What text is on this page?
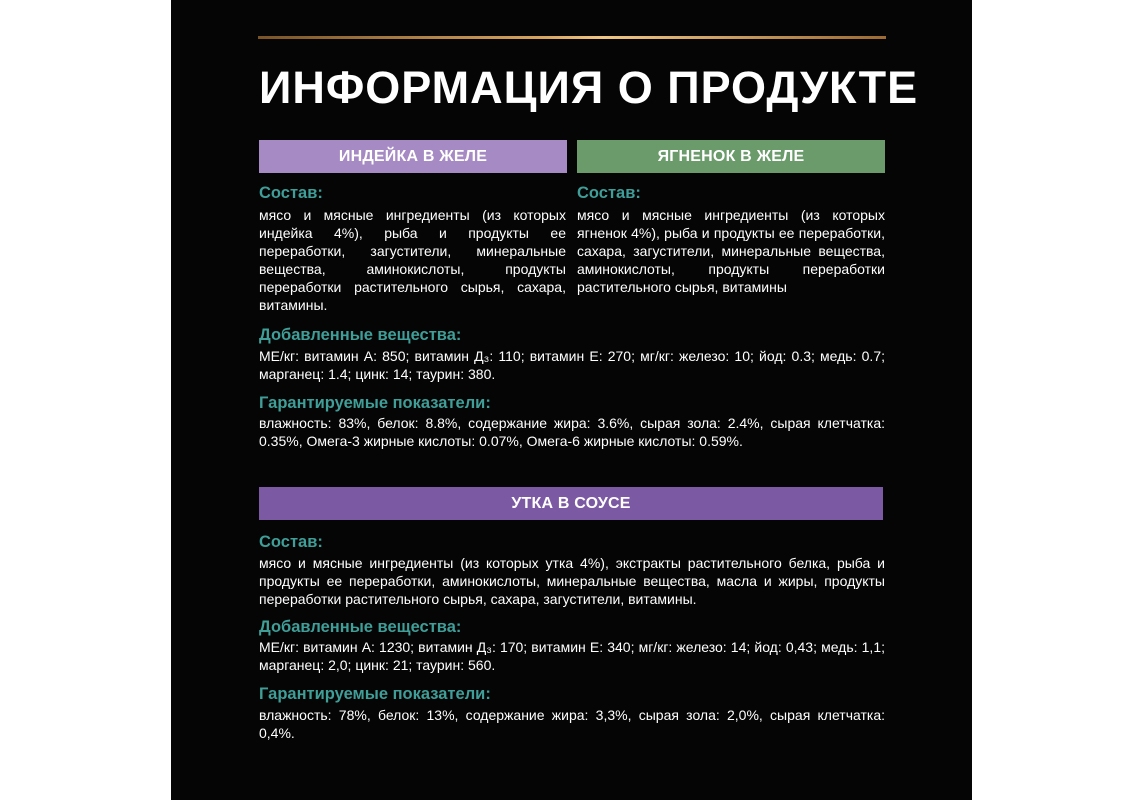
ИНФОРМАЦИЯ О ПРОДУКТЕ
ИНДЕЙКА В ЖЕЛЕ
Состав:

мясо и мясные ингредиенты (из которых индейка 4%), рыба и продукты ее переработки, загустители, минеральные вещества, аминокислоты, продукты переработки растительного сырья, сахара, витамины.

ЯГНЕНОК В ЖЕЛЕ
Состав:

мясо и мясные ингредиенты (из которых ягненок 4%), рыба и продукты ее переработки, сахара, загустители, минеральные вещества, аминокислоты, продукты переработки растительного сырья, витамины

Добавленные вещества:

МЕ/кг: витамин А: 850; витамин Д₃: 110; витамин Е: 270; мг/кг: железо: 10; йод: 0.3; медь: 0.7; марганец: 1.4; цинк: 14; таурин: 380.

Гарантируемые показатели:

влажность: 83%, белок: 8.8%, содержание жира: 3.6%, сырая зола: 2.4%, сырая клетчатка: 0.35%, Омега-3 жирные кислоты: 0.07%, Омега-6 жирные кислоты: 0.59%.

УТКА В СОУСЕ
Состав:

мясо и мясные ингредиенты (из которых утка 4%), экстракты растительного белка, рыба и продукты ее переработки, аминокислоты, минеральные вещества, масла и жиры, продукты переработки растительного сырья, сахара, загустители, витамины.

Добавленные вещества:

МЕ/кг: витамин А: 1230; витамин Д₃: 170; витамин Е: 340; мг/кг: железо: 14; йод: 0,43; медь: 1,1; марганец: 2,0; цинк: 21; таурин: 560.

Гарантируемые показатели:

влажность: 78%, белок: 13%, содержание жира: 3,3%, сырая зола: 2,0%, сырая клетчатка: 0,4%.
